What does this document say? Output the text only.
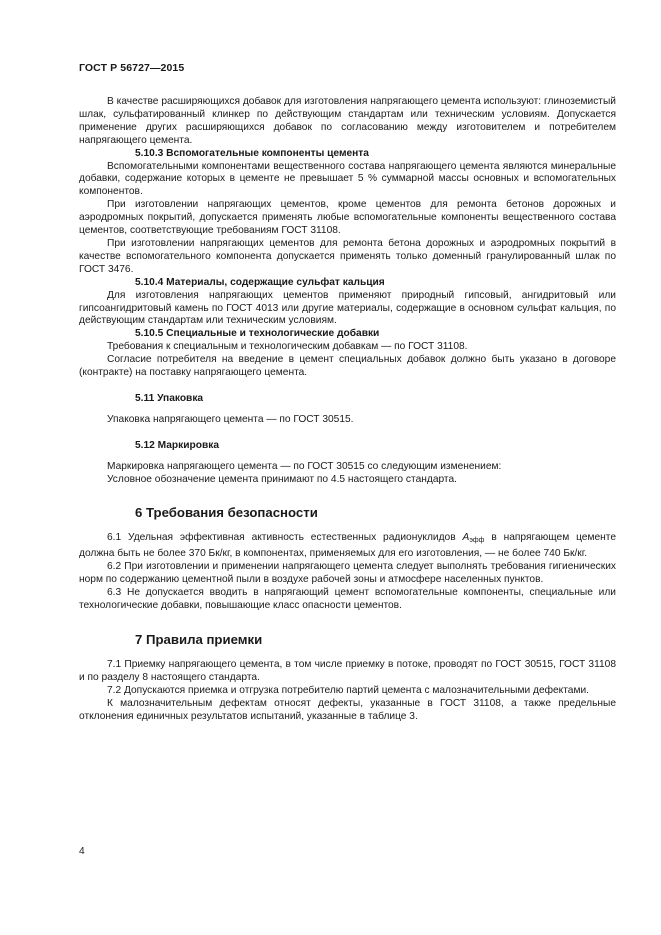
ГОСТ Р 56727—2015

В качестве расширяющихся добавок для изготовления напрягающего цемента используют: глиноземистый шлак, сульфатированный клинкер по действующим стандартам или техническим условиям. Допускается применение других расширяющихся добавок по согласованию между изготовителем и потребителем напрягающего цемента.

5.10.3 Вспомогательные компоненты цемента

Вспомогательными компонентами вещественного состава напрягающего цемента являются минеральные добавки, содержание которых в цементе не превышает 5 % суммарной массы основных и вспомогательных компонентов.

При изготовлении напрягающих цементов, кроме цементов для ремонта бетонов дорожных и аэродромных покрытий, допускается применять любые вспомогательные компоненты вещественного состава цементов, соответствующие требованиям ГОСТ 31108.

При изготовлении напрягающих цементов для ремонта бетона дорожных и аэродромных покрытий в качестве вспомогательного компонента допускается применять только доменный гранулированный шлак по ГОСТ 3476.

5.10.4 Материалы, содержащие сульфат кальция

Для изготовления напрягающих цементов применяют природный гипсовый, ангидритовый или гипсоангидритовый камень по ГОСТ 4013 или другие материалы, содержащие в основном сульфат кальция, по действующим стандартам или техническим условиям.

5.10.5 Специальные и технологические добавки

Требования к специальным и технологическим добавкам — по ГОСТ 31108.

Согласие потребителя на введение в цемент специальных добавок должно быть указано в договоре (контракте) на поставку напрягающего цемента.

5.11 Упаковка

Упаковка напрягающего цемента — по ГОСТ 30515.

5.12 Маркировка

Маркировка напрягающего цемента — по ГОСТ 30515 со следующим изменением:

Условное обозначение цемента принимают по 4.5 настоящего стандарта.

6 Требования безопасности

6.1 Удельная эффективная активность естественных радионуклидов $A_{эфф}$ в напрягающем цементе должна быть не более 370 Бк/кг, в компонентах, применяемых для его изготовления, — не более 740 Бк/кг.

6.2 При изготовлении и применении напрягающего цемента следует выполнять требования гигиенических норм по содержанию цементной пыли в воздухе рабочей зоны и атмосфере населенных пунктов.

6.3 Не допускается вводить в напрягающий цемент вспомогательные компоненты, специальные или технологические добавки, повышающие класс опасности цементов.

7 Правила приемки

7.1 Приемку напрягающего цемента, в том числе приемку в потоке, проводят по ГОСТ 30515, ГОСТ 31108 и по разделу 8 настоящего стандарта.

7.2 Допускаются приемка и отгрузка потребителю партий цемента с малозначительными дефектами.

К малозначительным дефектам относят дефекты, указанные в ГОСТ 31108, а также предельные отклонения единичных результатов испытаний, указанные в таблице 3.

4
